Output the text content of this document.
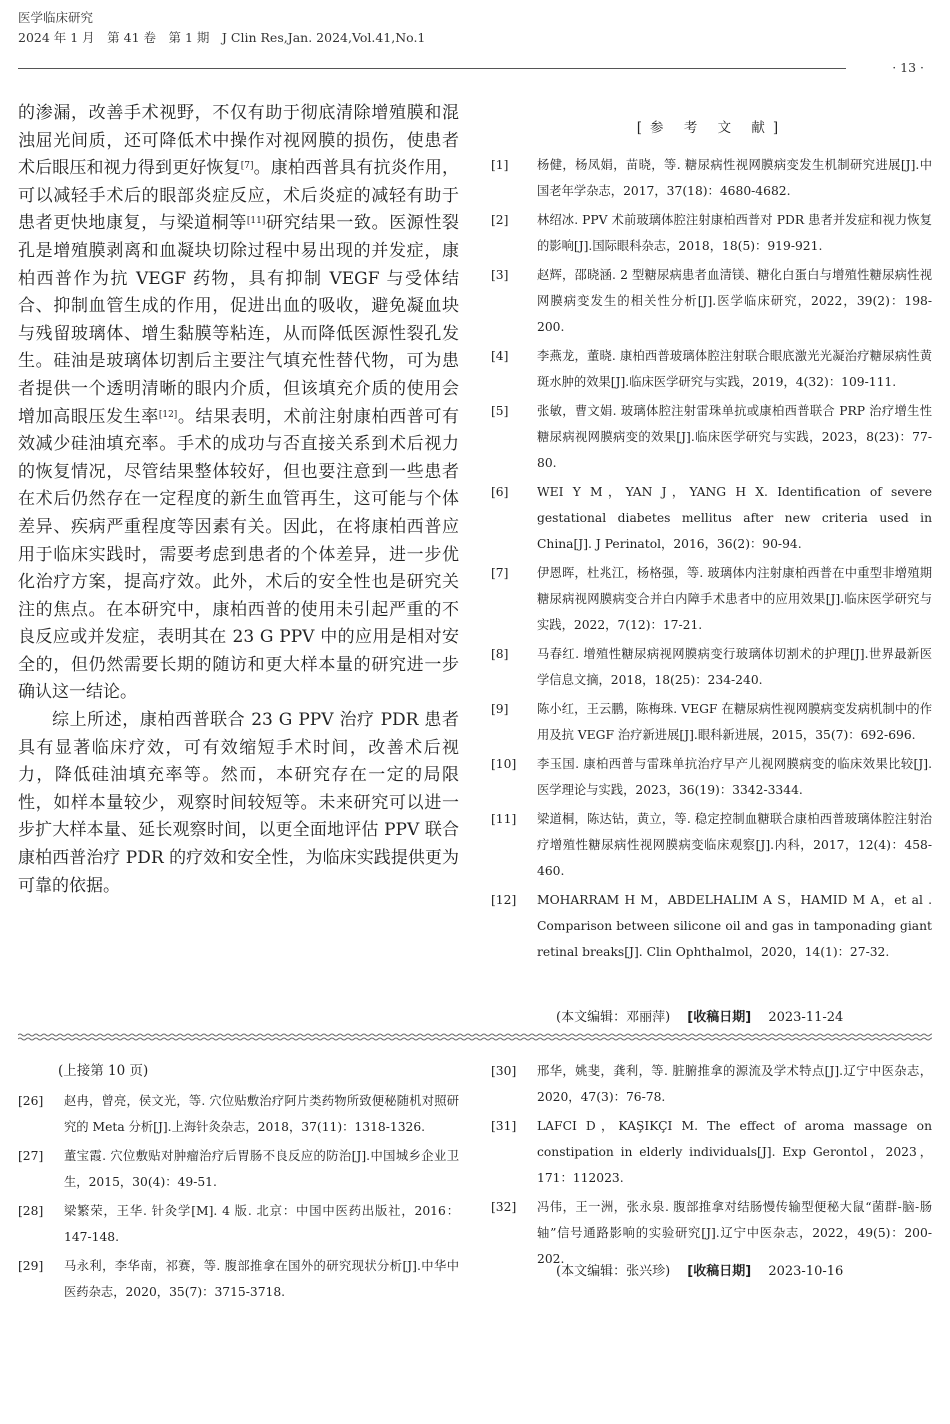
医学临床研究
2024 年 1 月　第 41 卷　第 1 期　J Clin Res,Jan. 2024,Vol.41,No.1
· 13 ·

的渗漏，改善手术视野，不仅有助于彻底清除增殖膜和混浊屈光间质，还可降低术中操作对视网膜的损伤，使患者术后眼压和视力得到更好恢复[7]。康柏西普具有抗炎作用，可以减轻手术后的眼部炎症反应，术后炎症的减轻有助于患者更快地康复，与梁道桐等[11]研究结果一致。医源性裂孔是增殖膜剥离和血凝块切除过程中易出现的并发症，康柏西普作为抗 VEGF 药物，具有抑制 VEGF 与受体结合、抑制血管生成的作用，促进出血的吸收，避免凝血块与残留玻璃体、增生黏膜等粘连，从而降低医源性裂孔发生。硅油是玻璃体切割后主要注气填充性替代物，可为患者提供一个透明清晰的眼内介质，但该填充介质的使用会增加高眼压发生率[12]。结果表明，术前注射康柏西普可有效减少硅油填充率。手术的成功与否直接关系到术后视力的恢复情况，尽管结果整体较好，但也要注意到一些患者在术后仍然存在一定程度的新生血管再生，这可能与个体差异、疾病严重程度等因素有关。因此，在将康柏西普应用于临床实践时，需要考虑到患者的个体差异，进一步优化治疗方案，提高疗效。此外，术后的安全性也是研究关注的焦点。在本研究中，康柏西普的使用未引起严重的不良反应或并发症，表明其在 23 G PPV 中的应用是相对安全的，但仍然需要长期的随访和更大样本量的研究进一步确认这一结论。

综上所述，康柏西普联合 23 G PPV 治疗 PDR 患者具有显著临床疗效，可有效缩短手术时间，改善术后视力，降低硅油填充率等。然而，本研究存在一定的局限性，如样本量较少，观察时间较短等。未来研究可以进一步扩大样本量、延长观察时间，以更全面地评估 PPV 联合康柏西普治疗 PDR 的疗效和安全性，为临床实践提供更为可靠的依据。

[参 考 文 献]
[1]	杨健，杨凤娟，苗晓，等. 糖尿病性视网膜病变发生机制研究进展[J].中国老年学杂志，2017，37(18)：4680-4682.
[2]	林绍冰. PPV 术前玻璃体腔注射康柏西普对 PDR 患者并发症和视力恢复的影响[J].国际眼科杂志，2018，18(5)：919-921.
[3]	赵辉，邵晓涵. 2 型糖尿病患者血清镁、糖化白蛋白与增殖性糖尿病性视网膜病变发生的相关性分析[J].医学临床研究，2022，39(2)：198-200.
[4]	李燕龙，董晓. 康柏西普玻璃体腔注射联合眼底激光光凝治疗糖尿病性黄斑水肿的效果[J].临床医学研究与实践，2019，4(32)：109-111.
[5]	张敏，曹文娟. 玻璃体腔注射雷珠单抗或康柏西普联合 PRP 治疗增生性糖尿病视网膜病变的效果[J].临床医学研究与实践，2023，8(23)：77-80.
[6]	WEI Y M，YAN J，YANG H X. Identification of severe gestational diabetes mellitus after new criteria used in China[J]. J Perinatol，2016，36(2)：90-94.
[7]	伊恩晖，杜兆江，杨格强，等. 玻璃体内注射康柏西普在中重型非增殖期糖尿病视网膜病变合并白内障手术患者中的应用效果[J].临床医学研究与实践，2022，7(12)：17-21.
[8]	马春红. 增殖性糖尿病视网膜病变行玻璃体切割术的护理[J].世界最新医学信息文摘，2018，18(25)：234-240.
[9]	陈小红，王云鹏，陈梅珠. VEGF 在糖尿病性视网膜病变发病机制中的作用及抗 VEGF 治疗新进展[J].眼科新进展，2015，35(7)：692-696.
[10]	李玉国. 康柏西普与雷珠单抗治疗早产儿视网膜病变的临床效果比较[J].医学理论与实践，2023，36(19)：3342-3344.
[11]	梁道桐，陈达钻，黄立，等. 稳定控制血糖联合康柏西普玻璃体腔注射治疗增殖性糖尿病性视网膜病变临床观察[J].内科，2017，12(4)：458-460.
[12]	MOHARRAM H M，ABDELHALIM A S，HAMID M A，et al . Comparison between silicone oil and gas in tamponading giant retinal breaks[J]. Clin Ophthalmol，2020，14(1)：27-32.
(本文编辑：邓丽萍)　 [收稿日期]　 2023-11-24
(上接第 10 页)
[26]	赵冉，曾亮，侯文光，等. 穴位贴敷治疗阿片类药物所致便秘随机对照研究的 Meta 分析[J].上海针灸杂志，2018，37(11)：1318-1326.
[27]	董宝霞. 穴位敷贴对肿瘤治疗后胃肠不良反应的防治[J].中国城乡企业卫生，2015，30(4)：49-51.
[28]	梁繁荣，王华. 针灸学[M]. 4 版. 北京：中国中医药出版社，2016：147-148.
[29]	马永利，李华南，祁赛，等. 腹部推拿在国外的研究现状分析[J].中华中医药杂志，2020，35(7)：3715-3718.
[30]	邢华，姚斐，龚利，等. 脏腑推拿的源流及学术特点[J].辽宁中医杂志，2020，47(3)：76-78.
[31]	LAFCI D，KAŞIKÇI M. The effect of aroma massage on constipation in elderly individuals[J]. Exp Gerontol，2023，171：112023.
[32]	冯伟，王一洲，张永泉. 腹部推拿对结肠慢传输型便秘大鼠“菌群-脑-肠轴”信号通路影响的实验研究[J].辽宁中医杂志，2022，49(5)：200-202.
(本文编辑：张兴珍)　 [收稿日期]　 2023-10-16
